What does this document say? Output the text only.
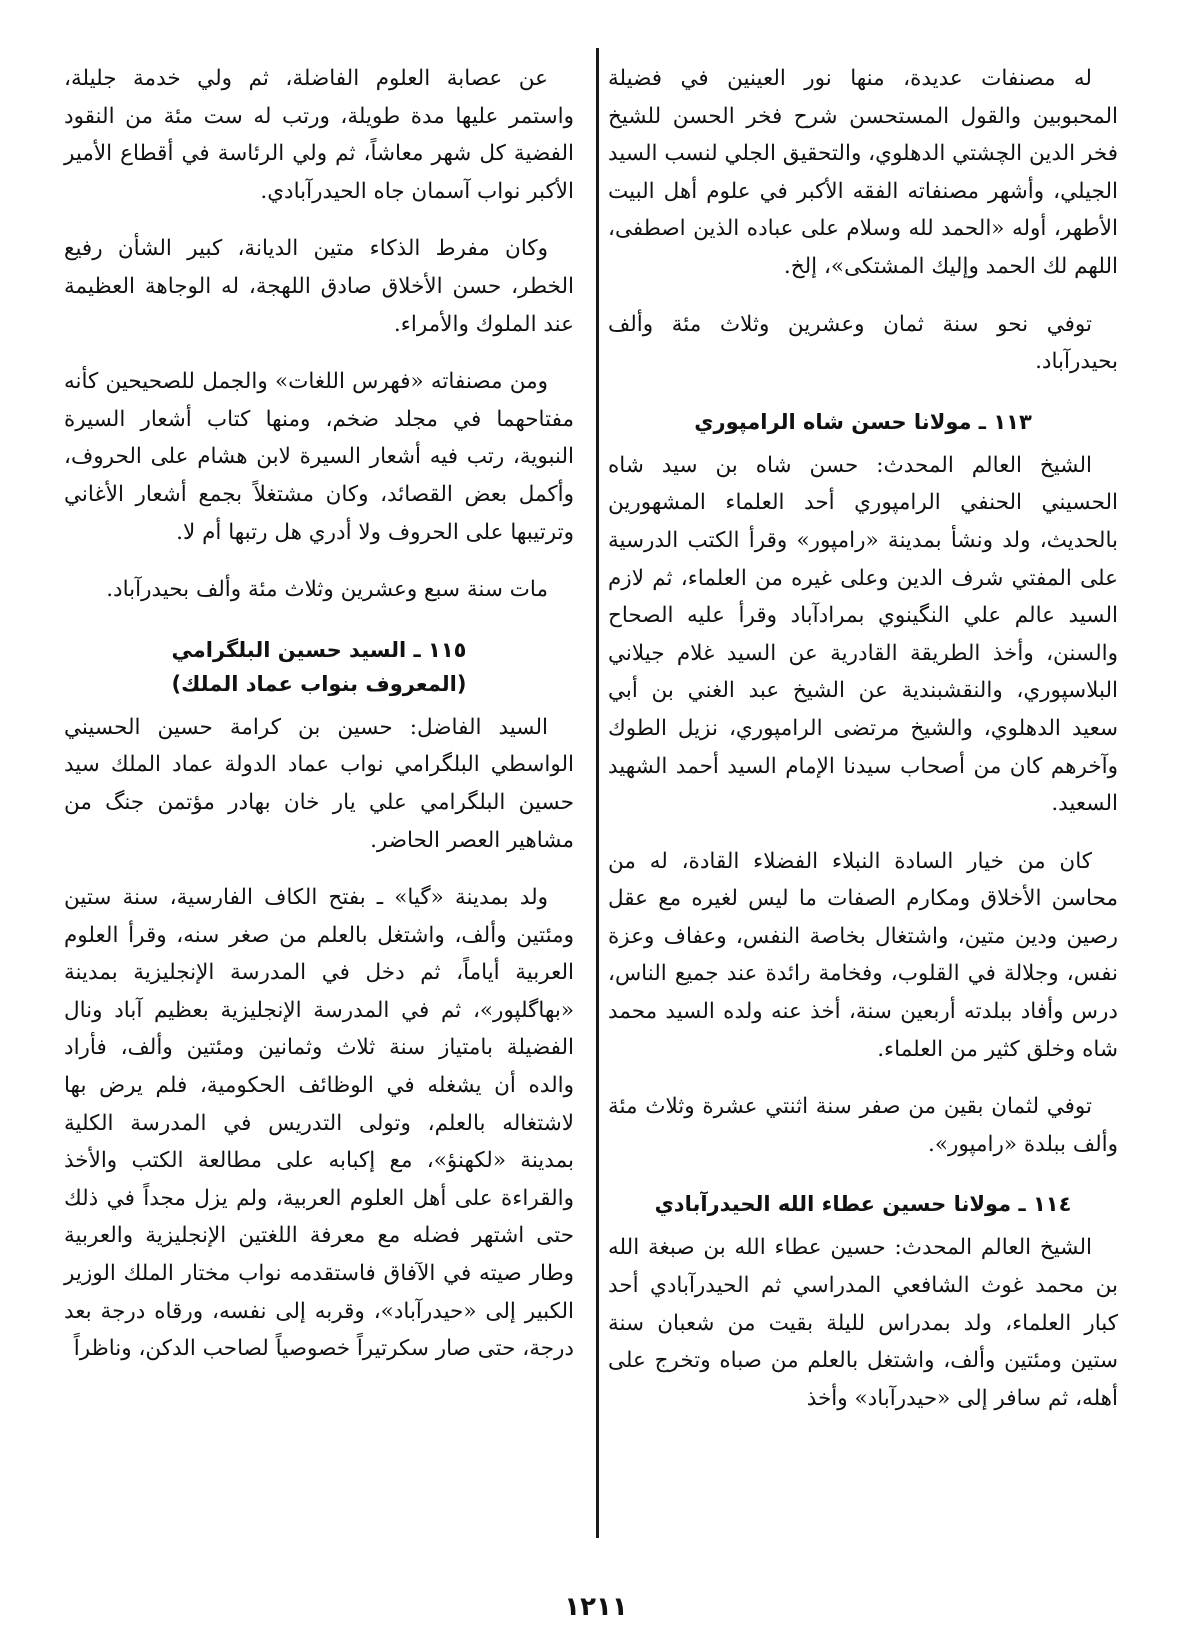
له مصنفات عديدة، منها نور العينين في فضيلة المحبوبين والقول المستحسن شرح فخر الحسن للشيخ فخر الدين الچشتي الدهلوي، والتحقيق الجلي لنسب السيد الجيلي، وأشهر مصنفاته الفقه الأكبر في علوم أهل البيت الأطهر، أوله «الحمد لله وسلام على عباده الذين اصطفى، اللهم لك الحمد وإليك المشتكى»، إلخ.

توفي نحو سنة ثمان وعشرين وثلاث مئة وألف بحيدرآباد.

١١٣ ـ مولانا حسن شاه الرامپوري

الشيخ العالم المحدث: حسن شاه بن سيد شاه الحسيني الحنفي الرامپوري أحد العلماء المشهورين بالحديث، ولد ونشأ بمدينة «رامپور» وقرأ الكتب الدرسية على المفتي شرف الدين وعلى غيره من العلماء، ثم لازم السيد عالم علي النگينوي بمرادآباد وقرأ عليه الصحاح والسنن، وأخذ الطريقة القادرية عن السيد غلام جيلاني البلاسپوري، والنقشبندية عن الشيخ عبد الغني بن أبي سعيد الدهلوي، والشيخ مرتضى الرامپوري، نزيل الطوك وآخرهم كان من أصحاب سيدنا الإمام السيد أحمد الشهيد السعيد.

كان من خيار السادة النبلاء الفضلاء القادة، له من محاسن الأخلاق ومكارم الصفات ما ليس لغيره مع عقل رصين ودين متين، واشتغال بخاصة النفس، وعفاف وعزة نفس، وجلالة في القلوب، وفخامة رائدة عند جميع الناس، درس وأفاد ببلدته أربعين سنة، أخذ عنه ولده السيد محمد شاه وخلق كثير من العلماء.

توفي لثمان بقين من صفر سنة اثنتي عشرة وثلاث مئة وألف ببلدة «رامپور».

١١٤ ـ مولانا حسين عطاء الله الحيدرآبادي

الشيخ العالم المحدث: حسين عطاء الله بن صبغة الله بن محمد غوث الشافعي المدراسي ثم الحيدرآبادي أحد كبار العلماء، ولد بمدراس لليلة بقيت من شعبان سنة ستين ومئتين وألف، واشتغل بالعلم من صباه وتخرج على أهله، ثم سافر إلى «حيدرآباد» وأخذ

عن عصابة العلوم الفاضلة، ثم ولي خدمة جليلة، واستمر عليها مدة طويلة، ورتب له ست مئة من النقود الفضية كل شهر معاشاً، ثم ولي الرئاسة في أقطاع الأمير الأكبر نواب آسمان جاه الحيدرآبادي.

وكان مفرط الذكاء متين الديانة، كبير الشأن رفيع الخطر، حسن الأخلاق صادق اللهجة، له الوجاهة العظيمة عند الملوك والأمراء.

ومن مصنفاته «فهرس اللغات» والجمل للصحيحين كأنه مفتاحهما في مجلد ضخم، ومنها كتاب أشعار السيرة النبوية، رتب فيه أشعار السيرة لابن هشام على الحروف، وأكمل بعض القصائد، وكان مشتغلاً بجمع أشعار الأغاني وترتيبها على الحروف ولا أدري هل رتبها أم لا.

مات سنة سبع وعشرين وثلاث مئة وألف بحيدرآباد.

١١٥ ـ السيد حسين البلگرامي
(المعروف بنواب عماد الملك)

السيد الفاضل: حسين بن كرامة حسين الحسيني الواسطي البلگرامي نواب عماد الدولة عماد الملك سيد حسين البلگرامي علي يار خان بهادر مؤتمن جنگ من مشاهير العصر الحاضر.

ولد بمدينة «گيا» ـ بفتح الكاف الفارسية، سنة ستين ومئتين وألف، واشتغل بالعلم من صغر سنه، وقرأ العلوم العربية أياماً، ثم دخل في المدرسة الإنجليزية بمدينة «بهاگلپور»، ثم في المدرسة الإنجليزية بعظيم آباد ونال الفضيلة بامتياز سنة ثلاث وثمانين ومئتين وألف، فأراد والده أن يشغله في الوظائف الحكومية، فلم يرض بها لاشتغاله بالعلم، وتولى التدريس في المدرسة الكلية بمدينة «لكهنؤ»، مع إكبابه على مطالعة الكتب والأخذ والقراءة على أهل العلوم العربية، ولم يزل مجداً في ذلك حتى اشتهر فضله مع معرفة اللغتين الإنجليزية والعربية وطار صيته في الآفاق فاستقدمه نواب مختار الملك الوزير الكبير إلى «حيدرآباد»، وقربه إلى نفسه، ورقاه درجة بعد درجة، حتى صار سكرتيراً خصوصياً لصاحب الدكن، وناظراً

١٢١١
